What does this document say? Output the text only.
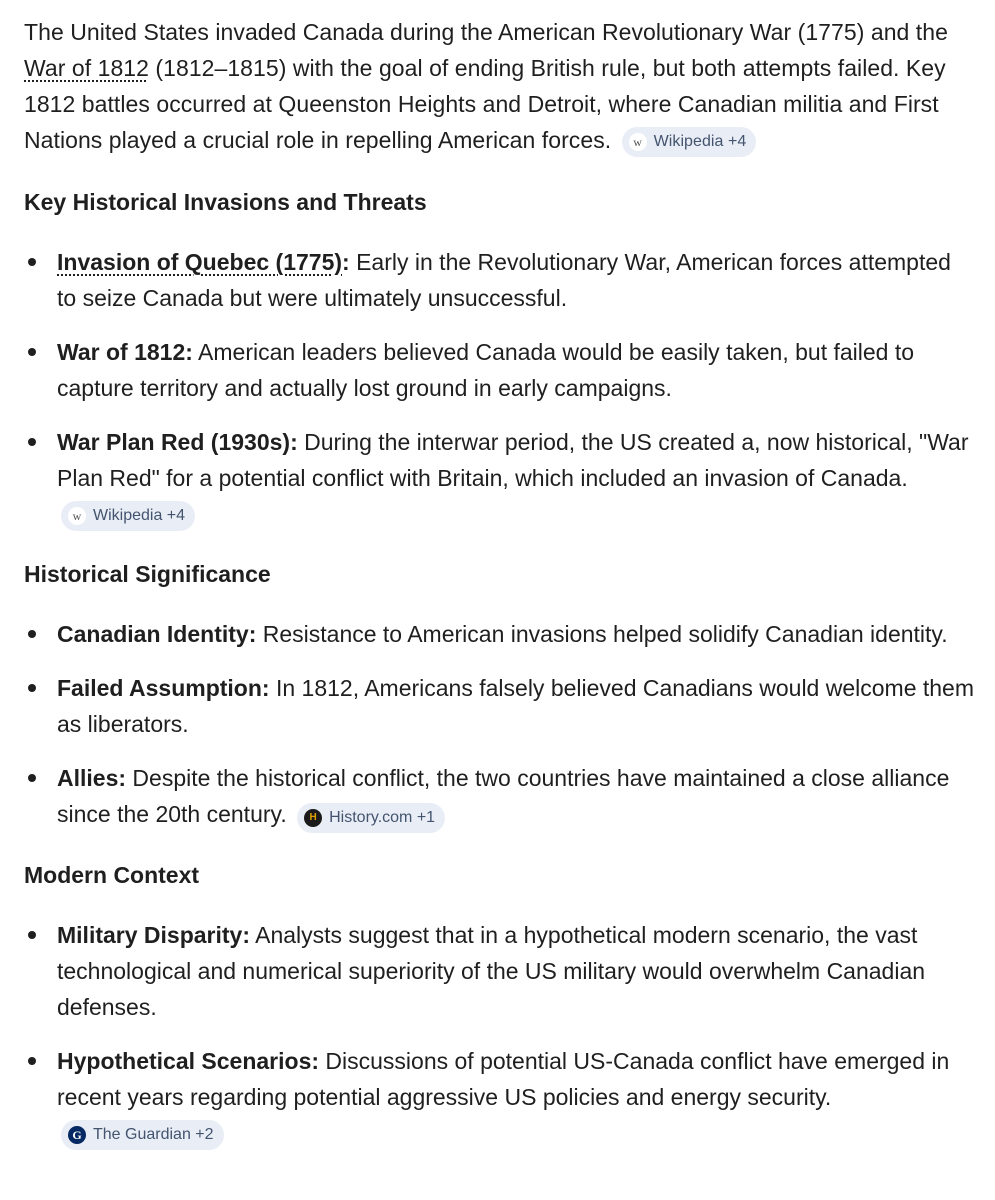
The United States invaded Canada during the American Revolutionary War (1775) and the War of 1812 (1812–1815) with the goal of ending British rule, but both attempts failed. Key 1812 battles occurred at Queenston Heights and Detroit, where Canadian militia and First Nations played a crucial role in repelling American forces.	w Wikipedia +4

Key Historical Invasions and Threats
Invasion of Quebec (1775): Early in the Revolutionary War, American forces attempted to seize Canada but were ultimately unsuccessful.
War of 1812: American leaders believed Canada would be easily taken, but failed to capture territory and actually lost ground in early campaigns.
War Plan Red (1930s): During the interwar period, the US created a, now historical, "War Plan Red" for a potential conflict with Britain, which included an invasion of Canada.
w Wikipedia +4
Historical Significance
Canadian Identity: Resistance to American invasions helped solidify Canadian identity.
Failed Assumption: In 1812, Americans falsely believed Canadians would welcome them as liberators.
Allies: Despite the historical conflict, the two countries have maintained a close alliance since the 20th century.	H History.com +1
Modern Context
Military Disparity: Analysts suggest that in a hypothetical modern scenario, the vast technological and numerical superiority of the US military would overwhelm Canadian defenses.
Hypothetical Scenarios: Discussions of potential US-Canada conflict have emerged in recent years regarding potential aggressive US policies and energy security.
G The Guardian +2
